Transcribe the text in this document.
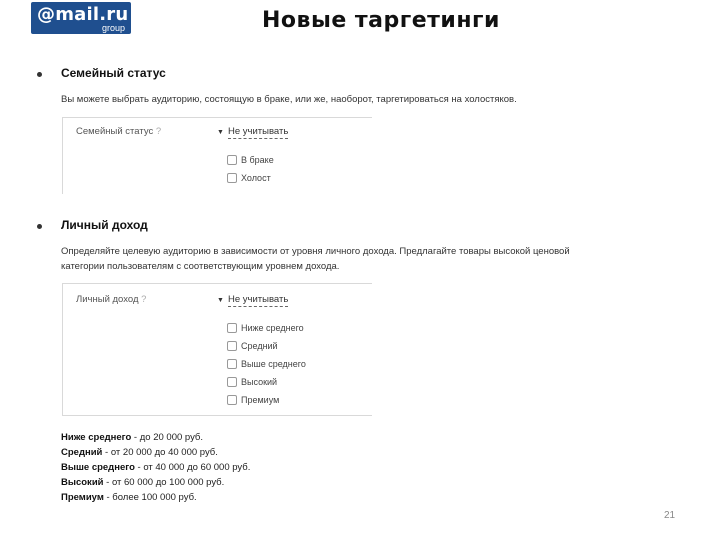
@mail.ru
group	Новые таргетинги
Семейный статус
Вы можете выбрать аудиторию, состоящую в браке, или же, наоборот, таргетироваться на холостяков.
Семейный статус ?	▼ Не учитывать
В браке
Холост
Личный доход
Определяйте целевую аудиторию в зависимости от уровня личного дохода. Предлагайте товары высокой ценовой
категории пользователям с соответствующим уровнем дохода.
Личный доход ?	▼ Не учитывать
Ниже среднего
Средний
Выше среднего
Высокий
Премиум
Ниже среднего - до 20 000 руб.
Средний - от 20 000 до 40 000 руб.
Выше среднего - от 40 000 до 60 000 руб.
Высокий - от 60 000 до 100 000 руб.
Премиум - более 100 000 руб.
21
